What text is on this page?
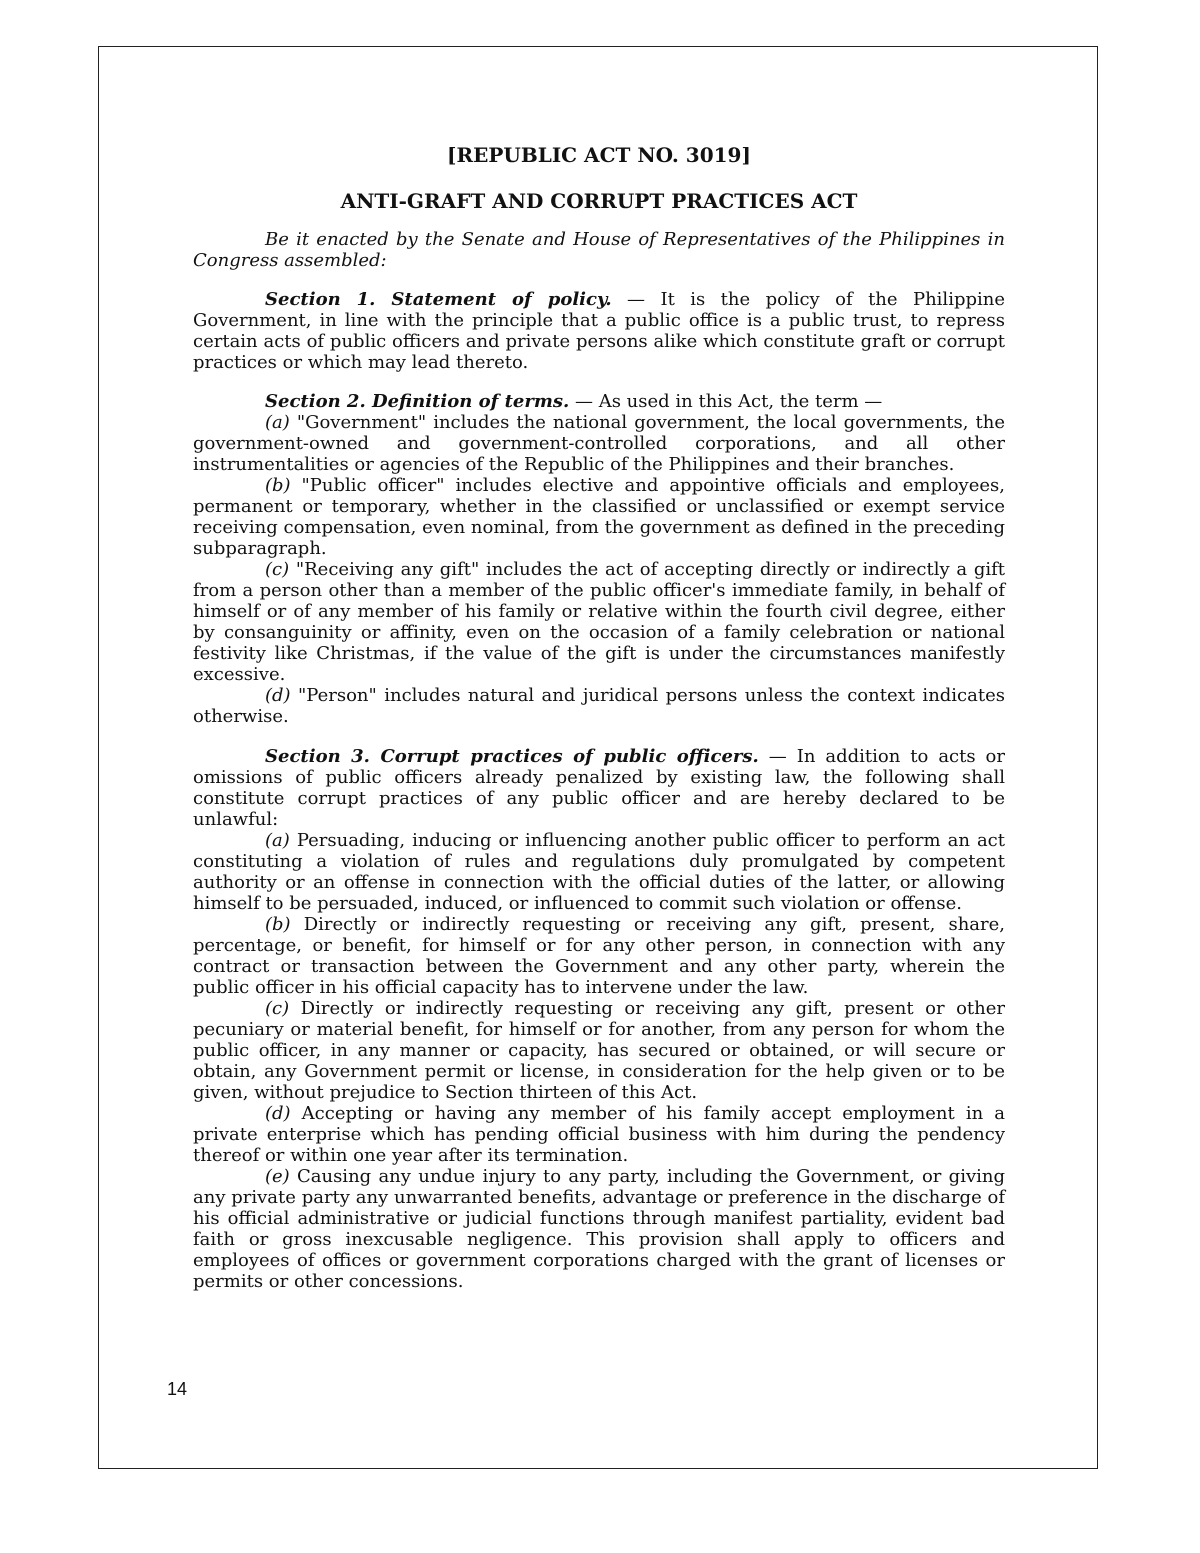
[REPUBLIC ACT NO. 3019]
ANTI-GRAFT AND CORRUPT PRACTICES ACT

Be it enacted by the Senate and House of Representatives of the Philippines in Congress assembled:

Section 1. Statement of policy. — It is the policy of the Philippine Government, in line with the principle that a public office is a public trust, to repress certain acts of public officers and private persons alike which constitute graft or corrupt practices or which may lead thereto.

Section 2. Definition of terms. — As used in this Act, the term —

(a) "Government" includes the national government, the local governments, the government-owned and government-controlled corporations, and all other instrumentalities or agencies of the Republic of the Philippines and their branches.

(b) "Public officer" includes elective and appointive officials and employees, permanent or temporary, whether in the classified or unclassified or exempt service receiving compensation, even nominal, from the government as defined in the preceding subparagraph.

(c) "Receiving any gift" includes the act of accepting directly or indirectly a gift from a person other than a member of the public officer's immediate family, in behalf of himself or of any member of his family or relative within the fourth civil degree, either by consanguinity or affinity, even on the occasion of a family celebration or national festivity like Christmas, if the value of the gift is under the circumstances manifestly excessive.

(d) "Person" includes natural and juridical persons unless the context indicates otherwise.

Section 3. Corrupt practices of public officers. — In addition to acts or omissions of public officers already penalized by existing law, the following shall constitute corrupt practices of any public officer and are hereby declared to be unlawful:

(a) Persuading, inducing or influencing another public officer to perform an act constituting a violation of rules and regulations duly promulgated by competent authority or an offense in connection with the official duties of the latter, or allowing himself to be persuaded, induced, or influenced to commit such violation or offense.

(b) Directly or indirectly requesting or receiving any gift, present, share, percentage, or benefit, for himself or for any other person, in connection with any contract or transaction between the Government and any other party, wherein the public officer in his official capacity has to intervene under the law.

(c) Directly or indirectly requesting or receiving any gift, present or other pecuniary or material benefit, for himself or for another, from any person for whom the public officer, in any manner or capacity, has secured or obtained, or will secure or obtain, any Government permit or license, in consideration for the help given or to be given, without prejudice to Section thirteen of this Act.

(d) Accepting or having any member of his family accept employment in a private enterprise which has pending official business with him during the pendency thereof or within one year after its termination.

(e) Causing any undue injury to any party, including the Government, or giving any private party any unwarranted benefits, advantage or preference in the discharge of his official administrative or judicial functions through manifest partiality, evident bad faith or gross inexcusable negligence. This provision shall apply to officers and employees of offices or government corporations charged with the grant of licenses or permits or other concessions.

14
